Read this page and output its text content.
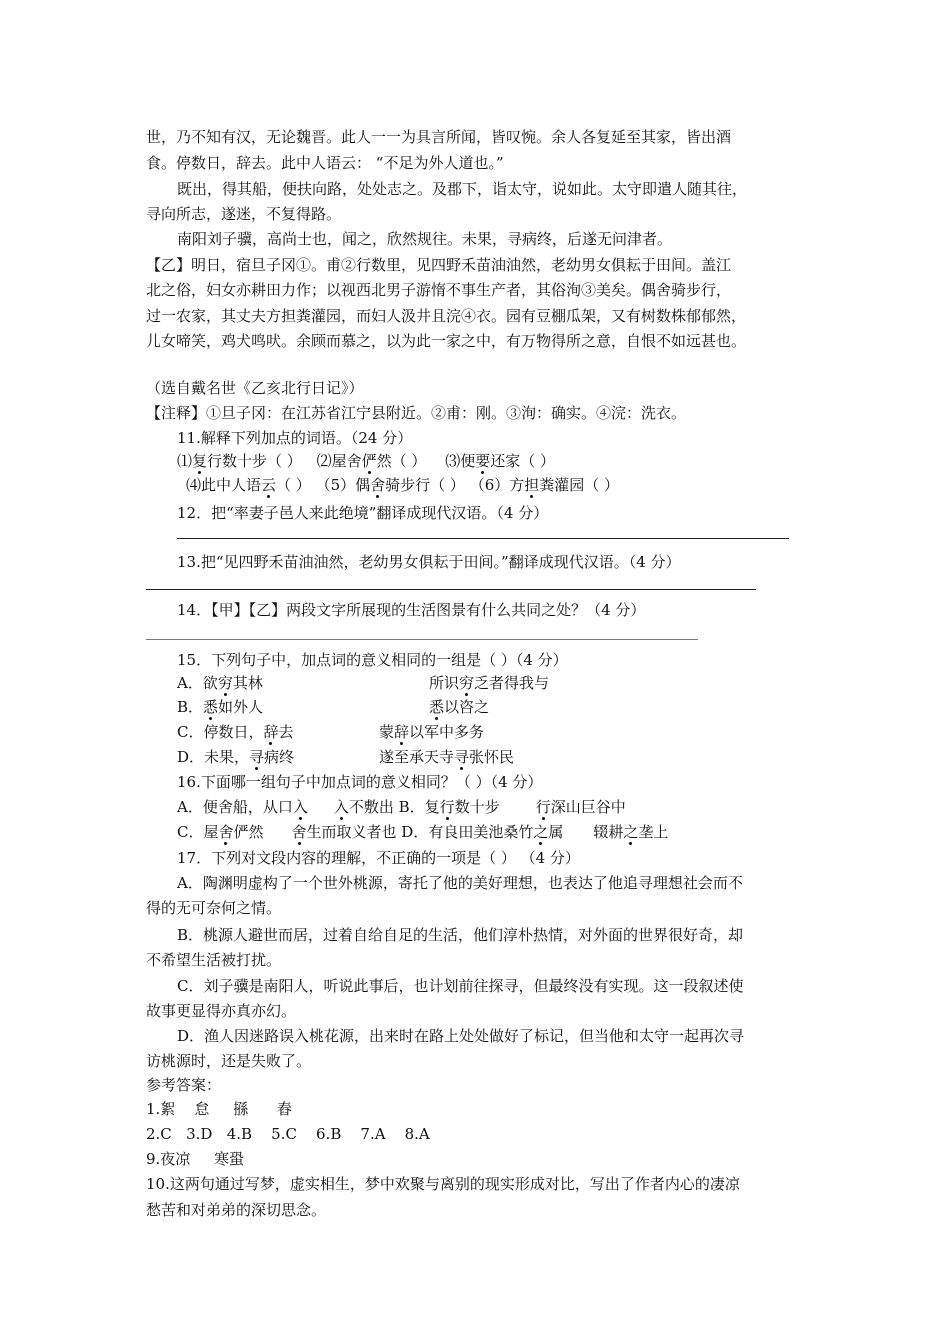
世，乃不知有汉，无论魏晋。此人一一为具言所闻，皆叹惋。余人各复延至其家，皆出酒
食。停数日，辞去。此中人语云： “不足为外人道也。”
既出，得其船，便扶向路，处处志之。及郡下，诣太守，说如此。太守即遣人随其往，
寻向所志，遂迷，不复得路。
南阳刘子骥，高尚士也，闻之，欣然规往。未果，寻病终，后遂无问津者。
【乙】明日，宿旦子冈①。甫②行数里，见四野禾苗油油然，老幼男女俱耘于田间。盖江
北之俗，妇女亦耕田力作；以视西北男子游惰不事生产者，其俗洵③美矣。偶舍骑步行，
过一农家，其丈夫方担粪灌园，而妇人汲井且浣④衣。园有豆棚瓜架，又有树数株郁郁然，
儿女啼笑，鸡犬鸣吠。余顾而慕之，以为此一家之中，有万物得所之意，自恨不如远甚也。
（选自戴名世《乙亥北行日记》）
【注释】①旦子冈：在江苏省江宁县附近。②甫：刚。③洵：确实。④浣：洗衣。
11.解释下列加点的词语。（24 分）
⑴复行数十步（ ） ⑵屋舍俨然（ ） ⑶便要还家（ ）
⑷此中人语云（ ） （5）偶舍骑步行（ ） （6）方担粪灌园（ ）
12．把“率妻子邑人来此绝境”翻译成现代汉语。（4 分）
13.把“见四野禾苗油油然，老幼男女俱耘于田间。”翻译成现代汉语。（4 分）
14．【甲】【乙】两段文字所展现的生活图景有什么共同之处？（4 分）
15．下列句子中，加点词的意义相同的一组是（ ）（4 分）
A．欲穷其林	所识穷乏者得我与
B．悉如外人	悉以咨之
C．停数日，辞去	蒙辞以军中多务
D．未果，寻病终	遂至承天寺寻张怀民
16.下面哪一组句子中加点词的意义相同？（ ）（4 分）
A．便舍船，从口入 入不敷出 B．复行数十步 行深山巨谷中
C．屋舍俨然 舍生而取义者也 D．有良田美池桑竹之属 辍耕之垄上
17．下列对文段内容的理解，不正确的一项是（ ） （4 分）
A．陶渊明虚构了一个世外桃源，寄托了他的美好理想，也表达了他追寻理想社会而不
得的无可奈何之情。
B．桃源人避世而居，过着自给自足的生活，他们淳朴热情，对外面的世界很好奇，却
不希望生活被打扰。
C．刘子骥是南阳人，听说此事后，也计划前往探寻，但最终没有实现。这一段叙述使
故事更显得亦真亦幻。
D．渔人因迷路误入桃花源，出来时在路上处处做好了标记，但当他和太守一起再次寻
访桃源时，还是失败了。
参考答案：
1.絮    怠     搎      舂
2.C   3.D   4.B    5.C    6.B    7.A    8.A
9.夜凉     寒蛩
10.这两句通过写梦，虚实相生，梦中欢聚与离别的现实形成对比，写出了作者内心的凄凉
愁苦和对弟弟的深切思念。
